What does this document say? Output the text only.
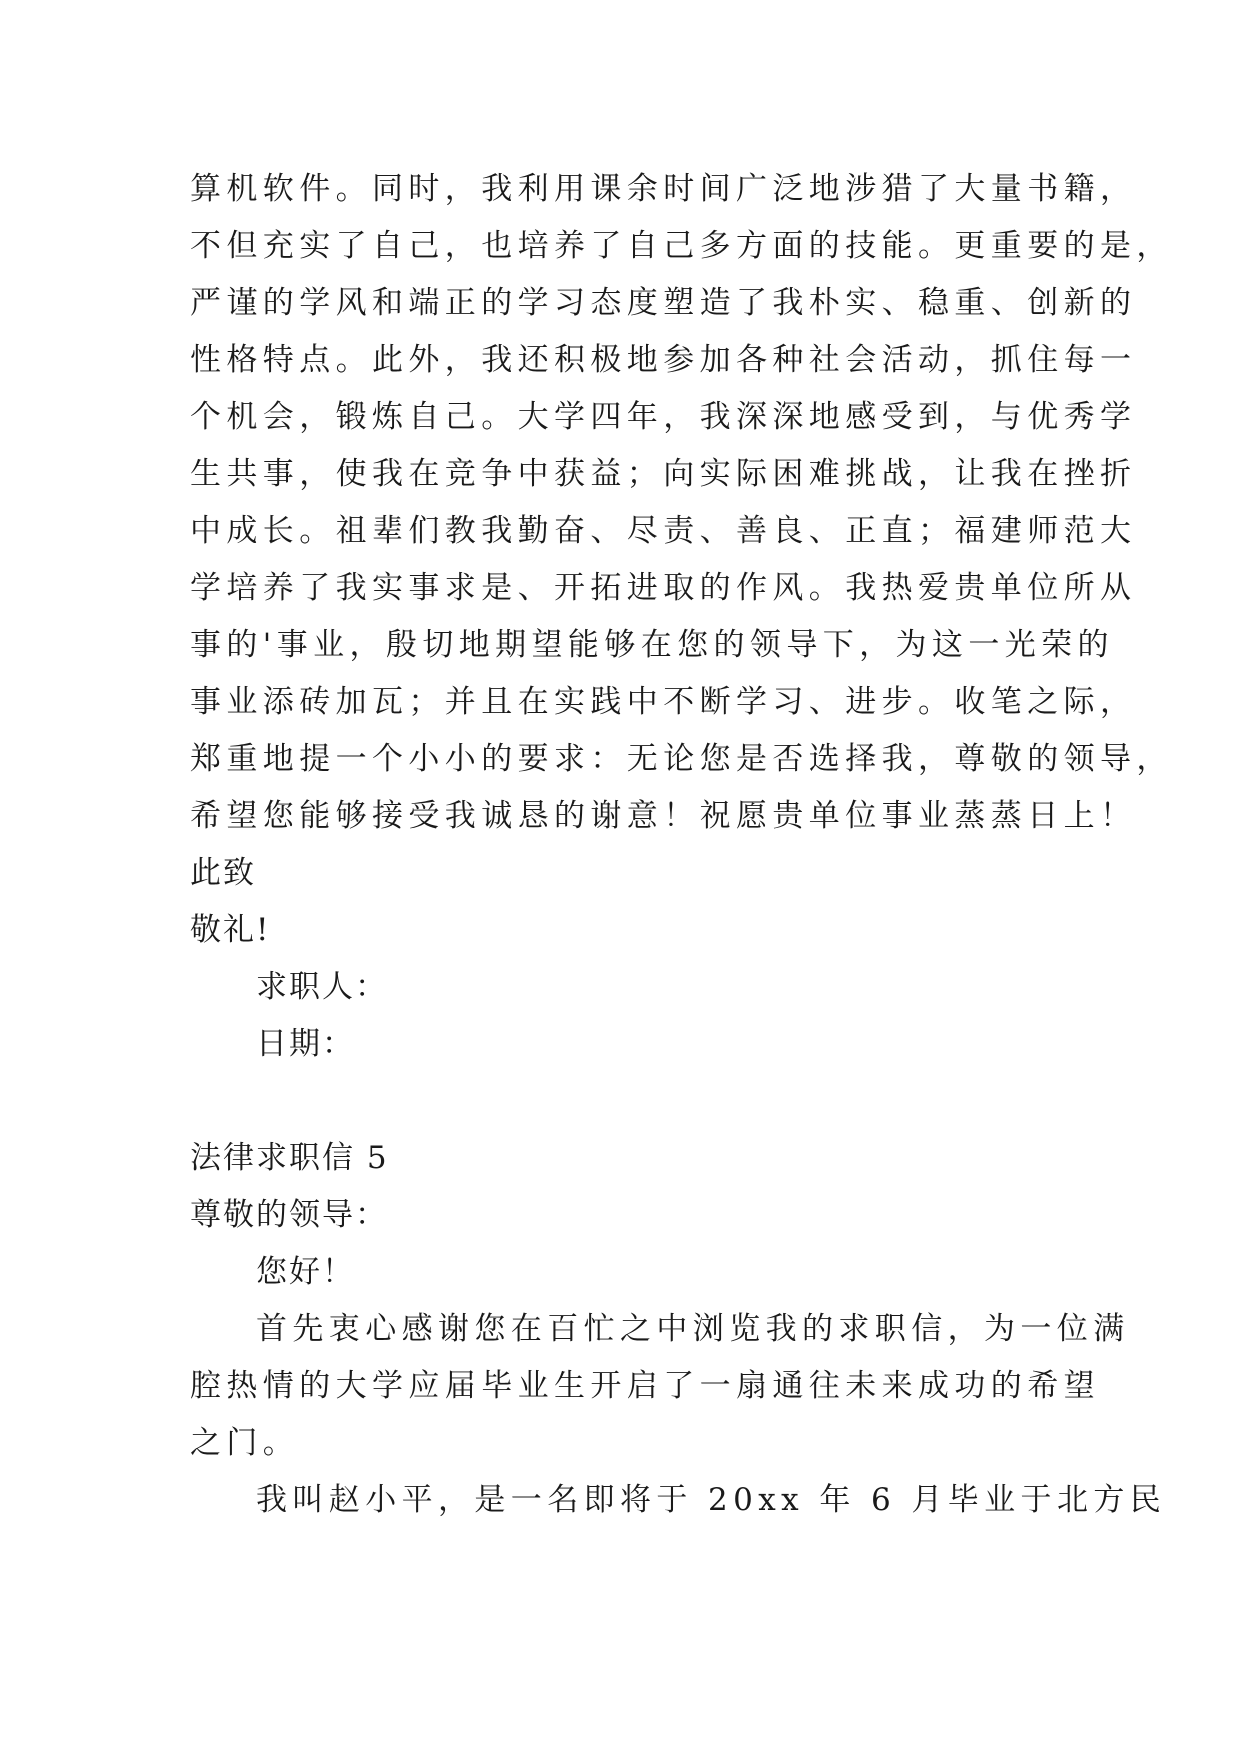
算机软件。同时，我利用课余时间广泛地涉猎了大量书籍，
不但充实了自己，也培养了自己多方面的技能。更重要的是，
严谨的学风和端正的学习态度塑造了我朴实、稳重、创新的
性格特点。此外，我还积极地参加各种社会活动，抓住每一
个机会，锻炼自己。大学四年，我深深地感受到，与优秀学
生共事，使我在竞争中获益；向实际困难挑战，让我在挫折
中成长。祖辈们教我勤奋、尽责、善良、正直；福建师范大
学培养了我实事求是、开拓进取的作风。我热爱贵单位所从
事的'事业，殷切地期望能够在您的领导下，为这一光荣的
事业添砖加瓦；并且在实践中不断学习、进步。收笔之际，
郑重地提一个小小的要求：无论您是否选择我，尊敬的领导，
希望您能够接受我诚恳的谢意！祝愿贵单位事业蒸蒸日上！
此致
敬礼!
求职人：
日期：
法律求职信 5
尊敬的领导：
您好！
首先衷心感谢您在百忙之中浏览我的求职信，为一位满
腔热情的大学应届毕业生开启了一扇通往未来成功的希望
之门。
我叫赵小平，是一名即将于 20xx 年 6 月毕业于北方民
